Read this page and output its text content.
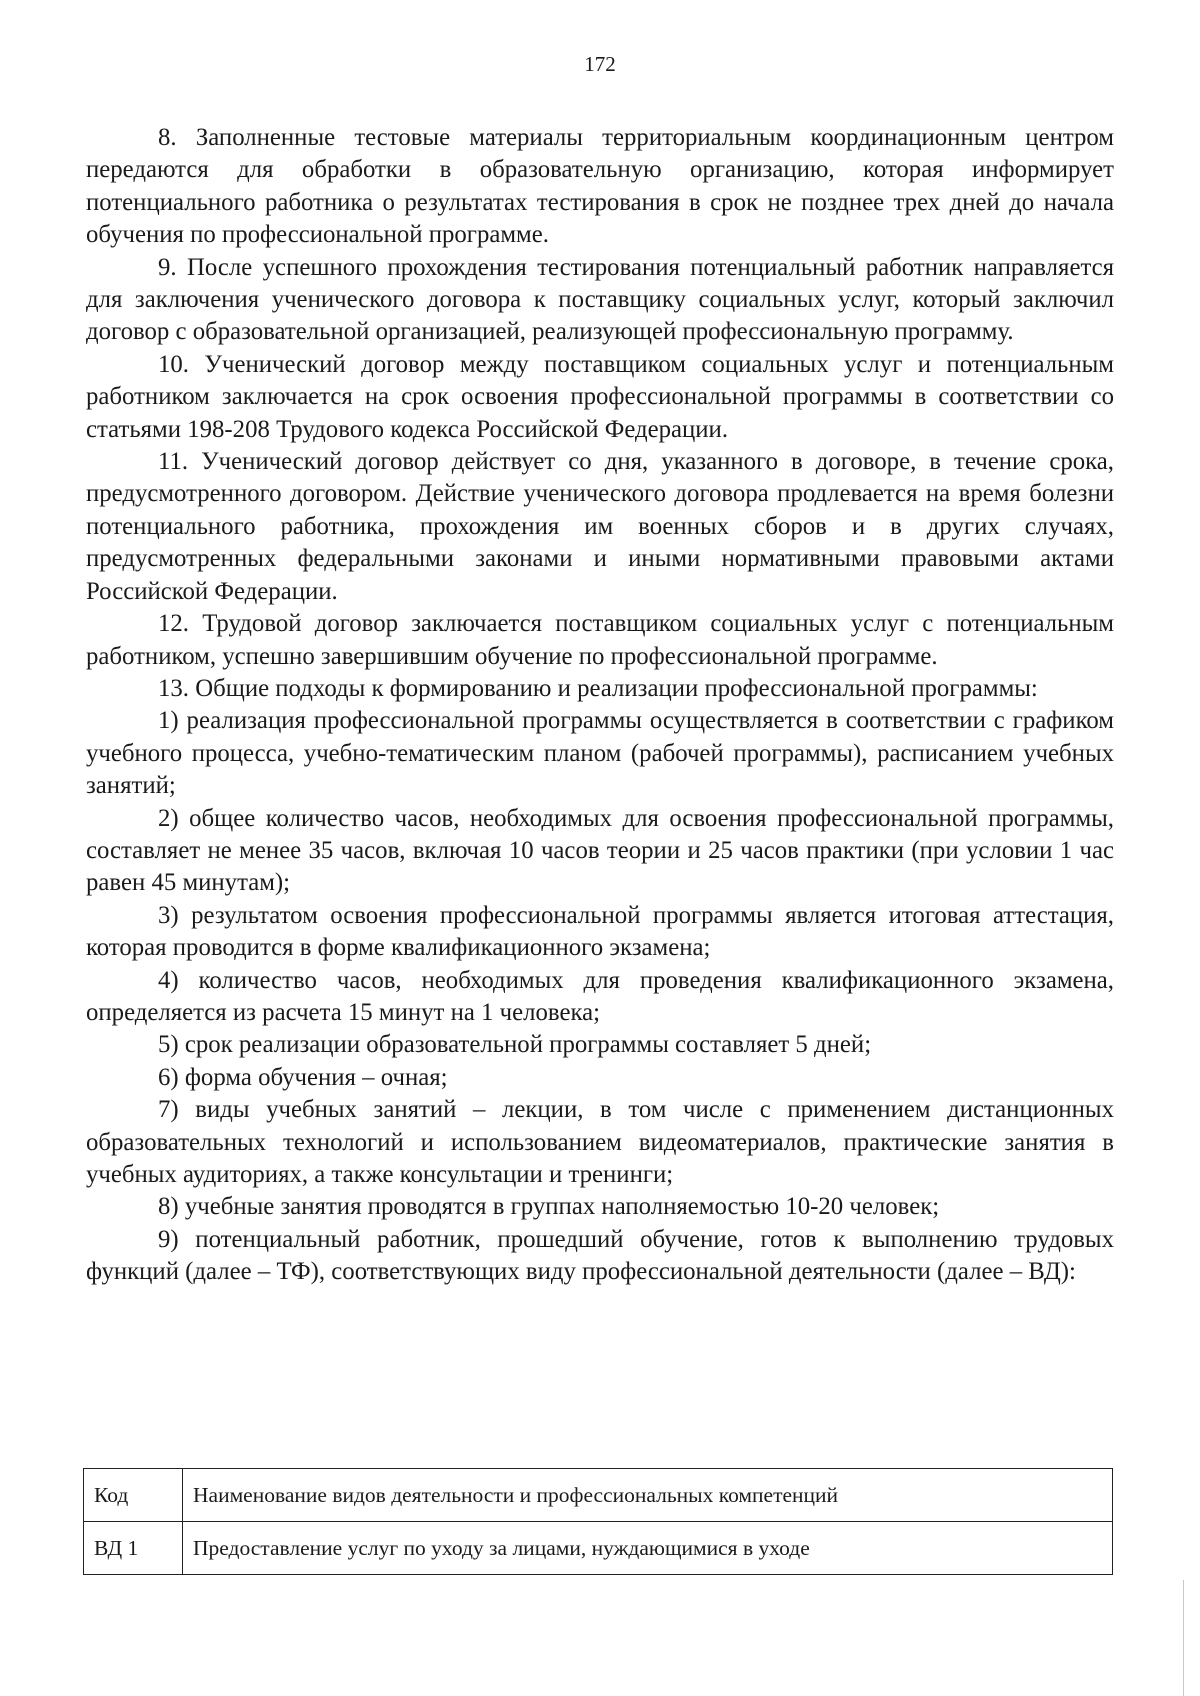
172

8. Заполненные тестовые материалы территориальным координационным центром передаются для обработки в образовательную организацию, которая информирует потенциального работника о результатах тестирования в срок не позднее трех дней до начала обучения по профессиональной программе.

9. После успешного прохождения тестирования потенциальный работник направляется для заключения ученического договора к поставщику социальных услуг, который заключил договор с образовательной организацией, реализующей профессиональную программу.

10. Ученический договор между поставщиком социальных услуг и потенциальным работником заключается на срок освоения профессиональной программы в соответствии со статьями 198-208 Трудового кодекса Российской Федерации.

11. Ученический договор действует со дня, указанного в договоре, в течение срока, предусмотренного договором. Действие ученического договора продлевается на время болезни потенциального работника, прохождения им военных сборов и в других случаях, предусмотренных федеральными законами и иными нормативными правовыми актами Российской Федерации.

12. Трудовой договор заключается поставщиком социальных услуг с потенциальным работником, успешно завершившим обучение по профессиональной программе.

13. Общие подходы к формированию и реализации профессиональной программы:

1) реализация профессиональной программы осуществляется в соответствии с графиком учебного процесса, учебно-тематическим планом (рабочей программы), расписанием учебных занятий;

2) общее количество часов, необходимых для освоения профессиональной программы, составляет не менее 35 часов, включая 10 часов теории и 25 часов практики (при условии 1 час равен 45 минутам);

3) результатом освоения профессиональной программы является итоговая аттестация, которая проводится в форме квалификационного экзамена;

4) количество часов, необходимых для проведения квалификационного экзамена, определяется из расчета 15 минут на 1 человека;

5) срок реализации образовательной программы составляет 5 дней;

6) форма обучения – очная;

7) виды учебных занятий – лекции, в том числе с применением дистанционных образовательных технологий и использованием видеоматериалов, практические занятия в учебных аудиториях, а также консультации и тренинги;

8) учебные занятия проводятся в группах наполняемостью 10-20 человек;

9) потенциальный работник, прошедший обучение, готов к выполнению трудовых функций (далее – ТФ), соответствующих виду профессиональной деятельности (далее – ВД):

Код	Наименование видов деятельности и профессиональных компетенций
ВД 1	Предоставление услуг по уходу за лицами, нуждающимися в уходе
